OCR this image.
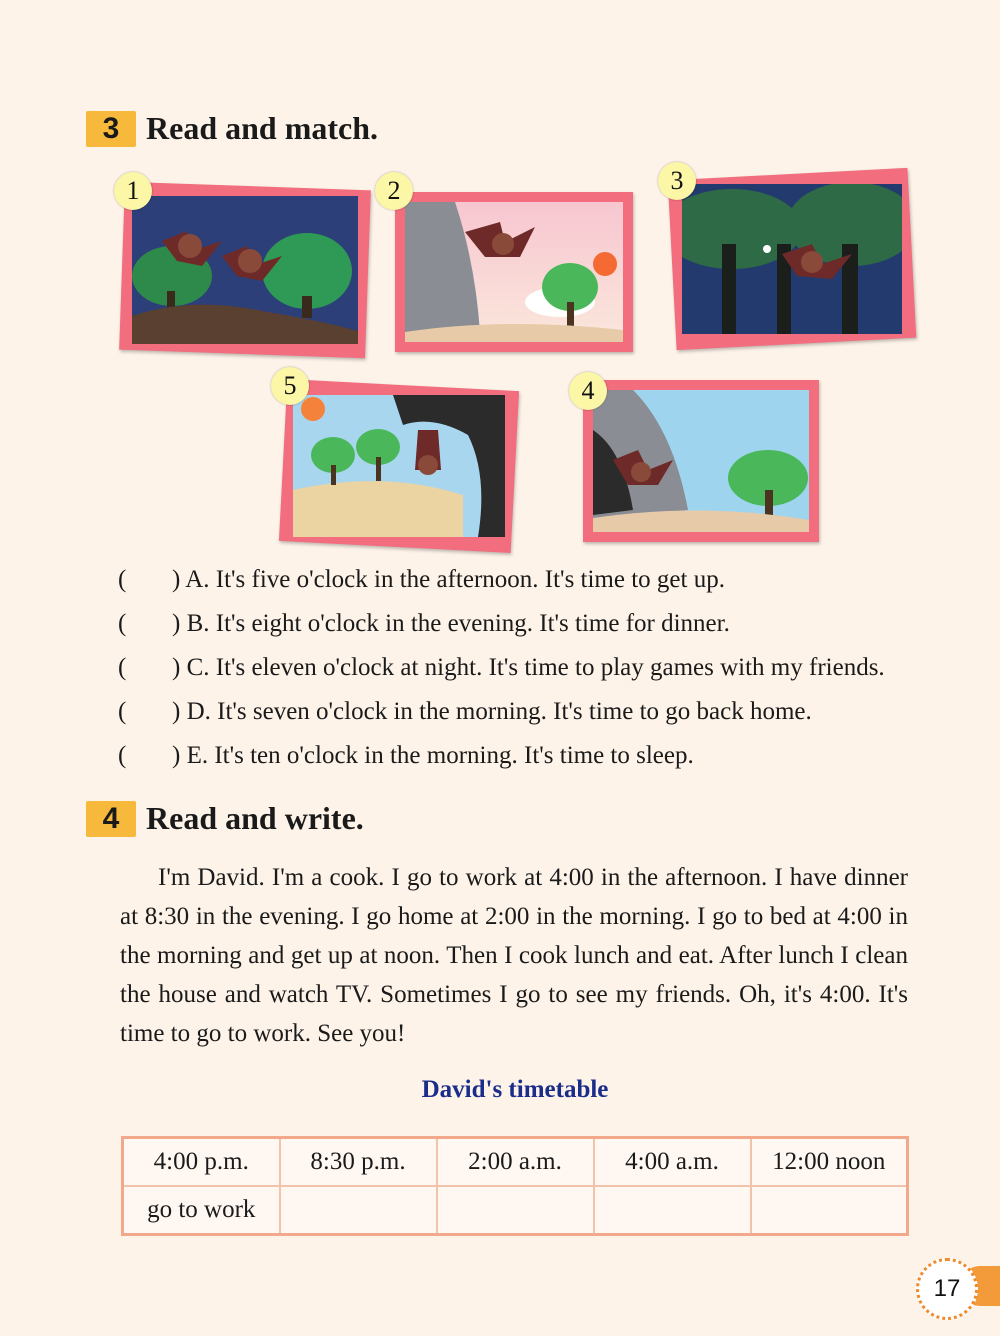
3 Read and match.
1	2	3
5	4
( ) A. It's five o'clock in the afternoon. It's time to get up.
( ) B. It's eight o'clock in the evening. It's time for dinner.
( ) C. It's eleven o'clock at night. It's time to play games with my friends.
( ) D. It's seven o'clock in the morning. It's time to go back home.
( ) E. It's ten o'clock in the morning. It's time to sleep.
4 Read and write.

I'm David. I'm a cook. I go to work at 4:00 in the afternoon. I have dinner at 8:30 in the evening. I go home at 2:00 in the morning. I go to bed at 4:00 in the morning and get up at noon. Then I cook lunch and eat. After lunch I clean the house and watch TV. Sometimes I go to see my friends. Oh, it's 4:00. It's time to go to work. See you!

David's timetable
4:00 p.m.	8:30 p.m.	2:00 a.m.	4:00 a.m.	12:00 noon
go to work				
17
